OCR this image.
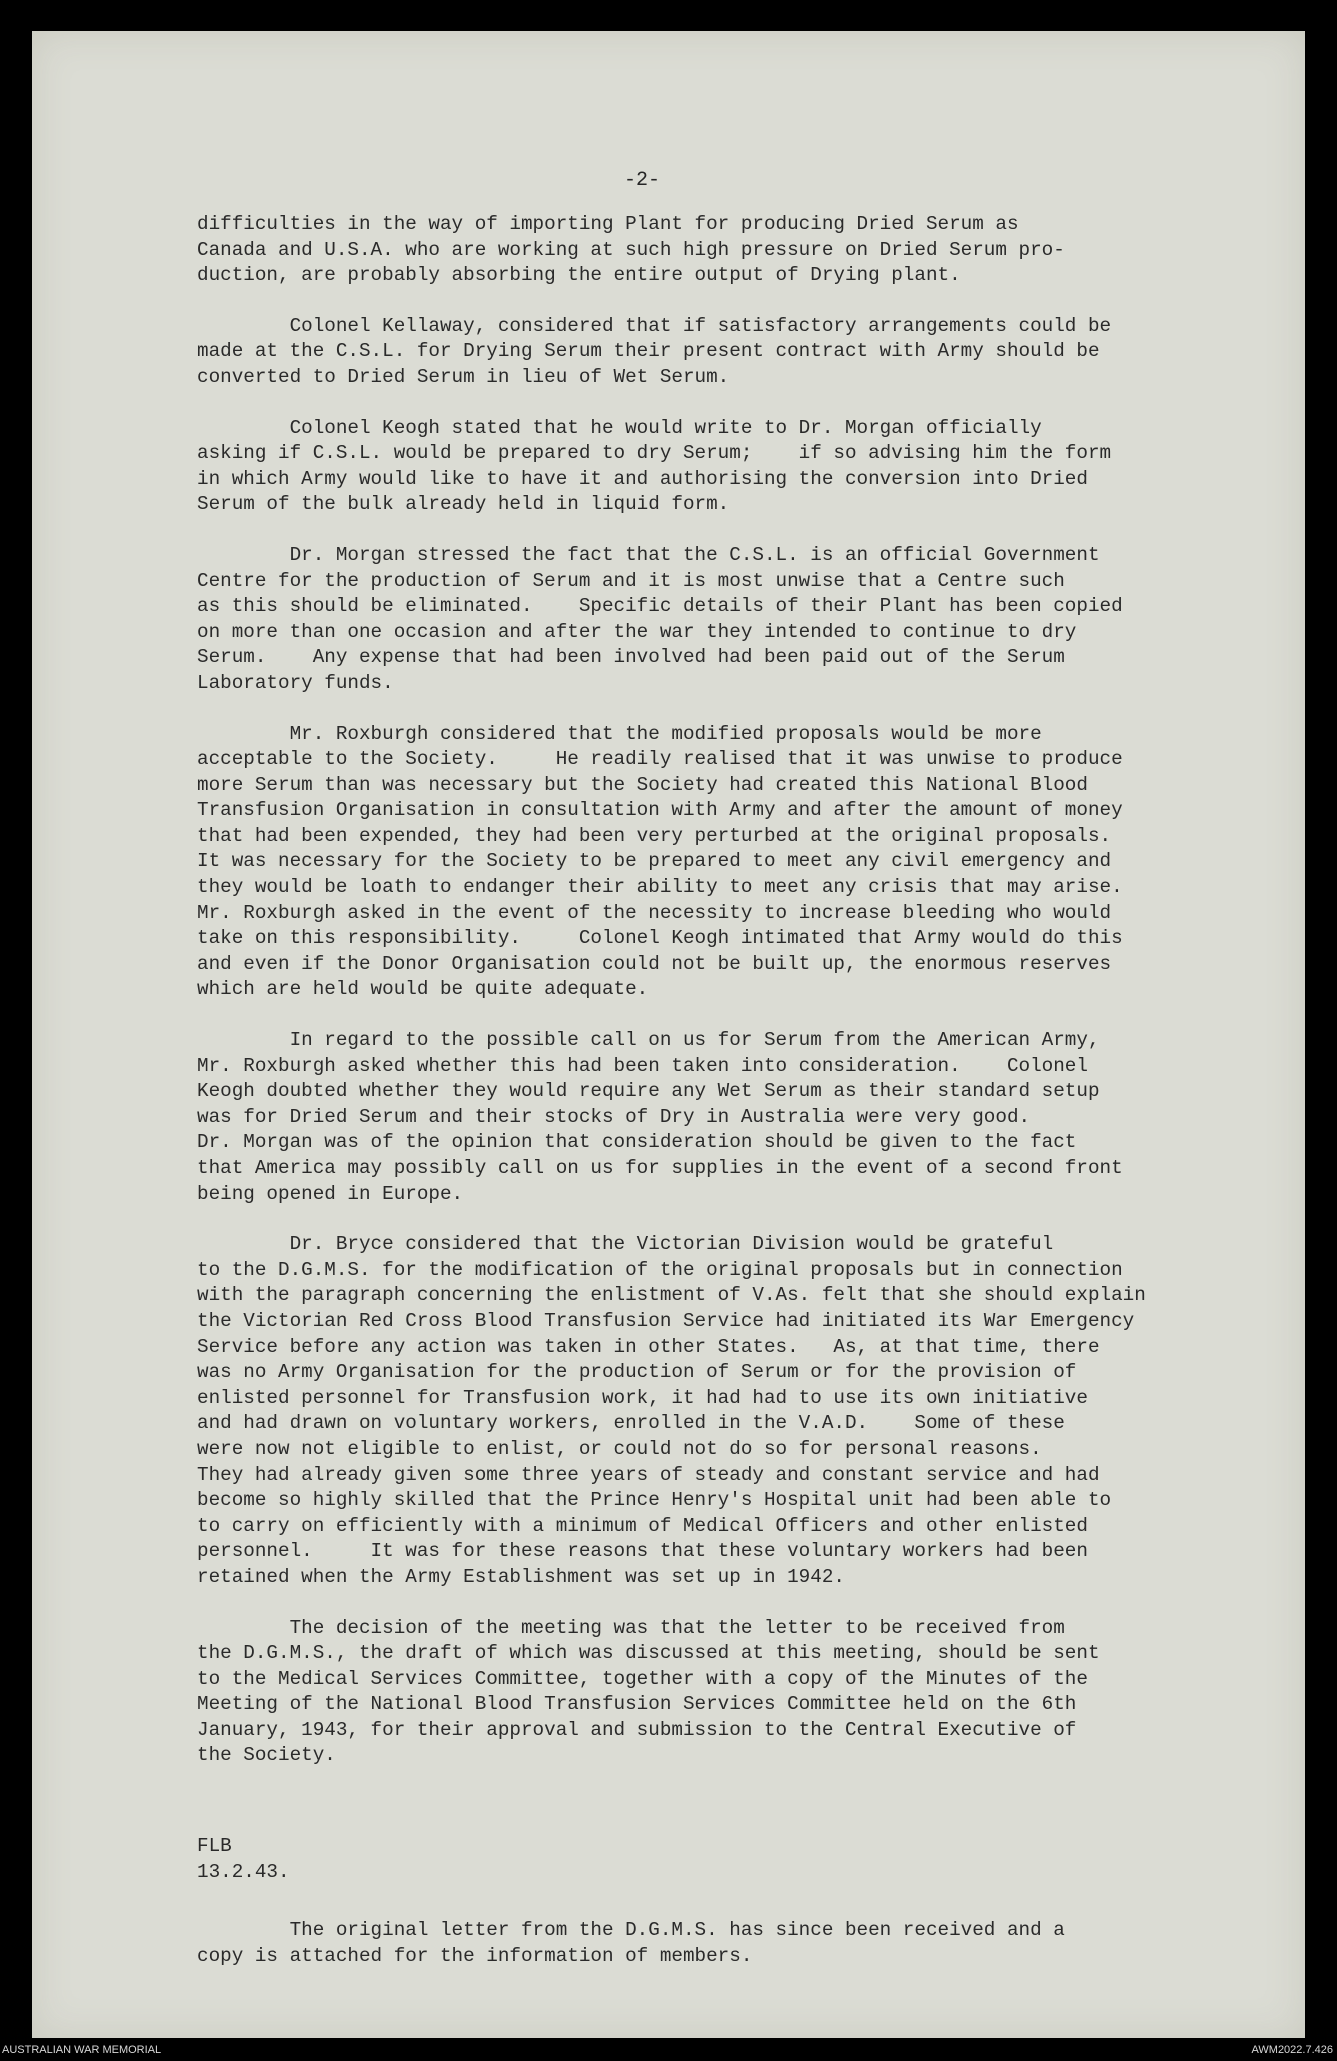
-2-

difficulties in the way of importing Plant for producing Dried Serum as

Canada and U.S.A. who are working at such high pressure on Dried Serum pro-

duction, are probably absorbing the entire output of Drying plant.

Colonel Kellaway, considered that if satisfactory arrangements could be

made at the C.S.L. for Drying Serum their present contract with Army should be

converted to Dried Serum in lieu of Wet Serum.

Colonel Keogh stated that he would write to Dr. Morgan officially

asking if C.S.L. would be prepared to dry Serum;    if so advising him the form

in which Army would like to have it and authorising the conversion into Dried

Serum of the bulk already held in liquid form.

Dr. Morgan stressed the fact that the C.S.L. is an official Government

Centre for the production of Serum and it is most unwise that a Centre such

as this should be eliminated.    Specific details of their Plant has been copied

on more than one occasion and after the war they intended to continue to dry

Serum.    Any expense that had been involved had been paid out of the Serum

Laboratory funds.

Mr. Roxburgh considered that the modified proposals would be more

acceptable to the Society.     He readily realised that it was unwise to produce

more Serum than was necessary but the Society had created this National Blood

Transfusion Organisation in consultation with Army and after the amount of money

that had been expended, they had been very perturbed at the original proposals.

It was necessary for the Society to be prepared to meet any civil emergency and

they would be loath to endanger their ability to meet any crisis that may arise.

Mr. Roxburgh asked in the event of the necessity to increase bleeding who would

take on this responsibility.     Colonel Keogh intimated that Army would do this

and even if the Donor Organisation could not be built up, the enormous reserves

which are held would be quite adequate.

In regard to the possible call on us for Serum from the American Army,

Mr. Roxburgh asked whether this had been taken into consideration.    Colonel

Keogh doubted whether they would require any Wet Serum as their standard setup

was for Dried Serum and their stocks of Dry in Australia were very good.

Dr. Morgan was of the opinion that consideration should be given to the fact

that America may possibly call on us for supplies in the event of a second front

being opened in Europe.

Dr. Bryce considered that the Victorian Division would be grateful

to the D.G.M.S. for the modification of the original proposals but in connection

with the paragraph concerning the enlistment of V.As. felt that she should explain

the Victorian Red Cross Blood Transfusion Service had initiated its War Emergency

Service before any action was taken in other States.   As, at that time, there

was no Army Organisation for the production of Serum or for the provision of

enlisted personnel for Transfusion work, it had had to use its own initiative

and had drawn on voluntary workers, enrolled in the V.A.D.    Some of these

were now not eligible to enlist, or could not do so for personal reasons.

They had already given some three years of steady and constant service and had

become so highly skilled that the Prince Henry's Hospital unit had been able to

to carry on efficiently with a minimum of Medical Officers and other enlisted

personnel.     It was for these reasons that these voluntary workers had been

retained when the Army Establishment was set up in 1942.

The decision of the meeting was that the letter to be received from

the D.G.M.S., the draft of which was discussed at this meeting, should be sent

to the Medical Services Committee, together with a copy of the Minutes of the

Meeting of the National Blood Transfusion Services Committee held on the 6th

January, 1943, for their approval and submission to the Central Executive of

the Society.

FLB

13.2.43.

The original letter from the D.G.M.S. has since been received and a

copy is attached for the information of members.

AUSTRALIAN WAR MEMORIAL	AWM2022.7.426
